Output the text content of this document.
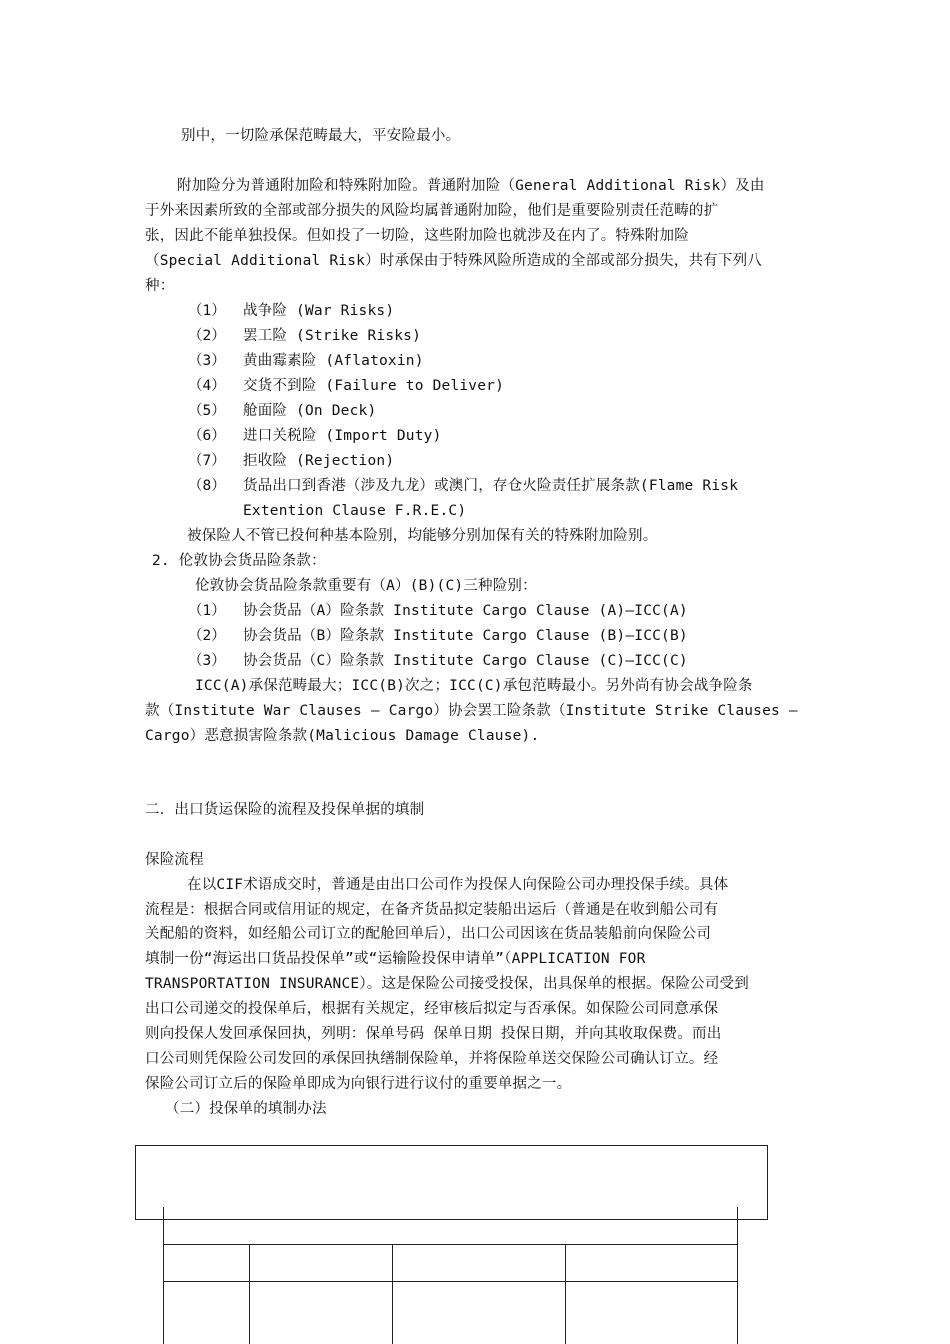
别中，一切险承保范畴最大，平安险最小。
附加险分为普通附加险和特殊附加险。普通附加险（General Additional Risk）及由
于外来因素所致的全部或部分损失的风险均属普通附加险，他们是重要险别责任范畴的扩
张，因此不能单独投保。但如投了一切险，这些附加险也就涉及在内了。特殊附加险
（Special Additional Risk）时承保由于特殊风险所造成的全部或部分损失，共有下列八
种：
（1） 战争险 (War Risks)
（2） 罢工险 (Strike Risks)
（3） 黄曲霉素险 (Aflatoxin)
（4） 交货不到险 (Failure to Deliver)
（5） 舱面险 (On Deck)
（6） 进口关税险 (Import Duty)
（7） 拒收险 (Rejection)
（8） 货品出口到香港（涉及九龙）或澳门，存仓火险责任扩展条款(Flame Risk
Extention Clause F.R.E.C)
被保险人不管已投何种基本险别，均能够分别加保有关的特殊附加险别。
2. 伦敦协会货品险条款：
伦敦协会货品险条款重要有（A）(B)(C)三种险别：
（1） 协会货品（A）险条款 Institute Cargo Clause (A)—ICC(A)
（2） 协会货品（B）险条款 Institute Cargo Clause (B)—ICC(B)
（3） 协会货品（C）险条款 Institute Cargo Clause (C)—ICC(C)
ICC(A)承保范畴最大；ICC(B)次之；ICC(C)承包范畴最小。另外尚有协会战争险条
款（Institute War Clauses – Cargo）协会罢工险条款（Institute Strike Clauses –
Cargo）恶意损害险条款(Malicious Damage Clause).
二．出口货运保险的流程及投保单据的填制
保险流程
在以CIF术语成交时，普通是由出口公司作为投保人向保险公司办理投保手续。具体
流程是：根据合同或信用证的规定，在备齐货品拟定装船出运后（普通是在收到船公司有
关配船的资料，如经船公司订立的配舱回单后），出口公司因该在货品装船前向保险公司
填制一份“海运出口货品投保单”或“运输险投保申请单”（APPLICATION FOR
TRANSPORTATION INSURANCE）。这是保险公司接受投保，出具保单的根据。保险公司受到
出口公司递交的投保单后，根据有关规定，经审核后拟定与否承保。如保险公司同意承保
则向投保人发回承保回执，列明：保单号码 保单日期 投保日期，并向其收取保费。而出
口公司则凭保险公司发回的承保回执缮制保险单，并将保险单送交保险公司确认订立。经
保险公司订立后的保险单即成为向银行进行议付的重要单据之一。
（二）投保单的填制办法
